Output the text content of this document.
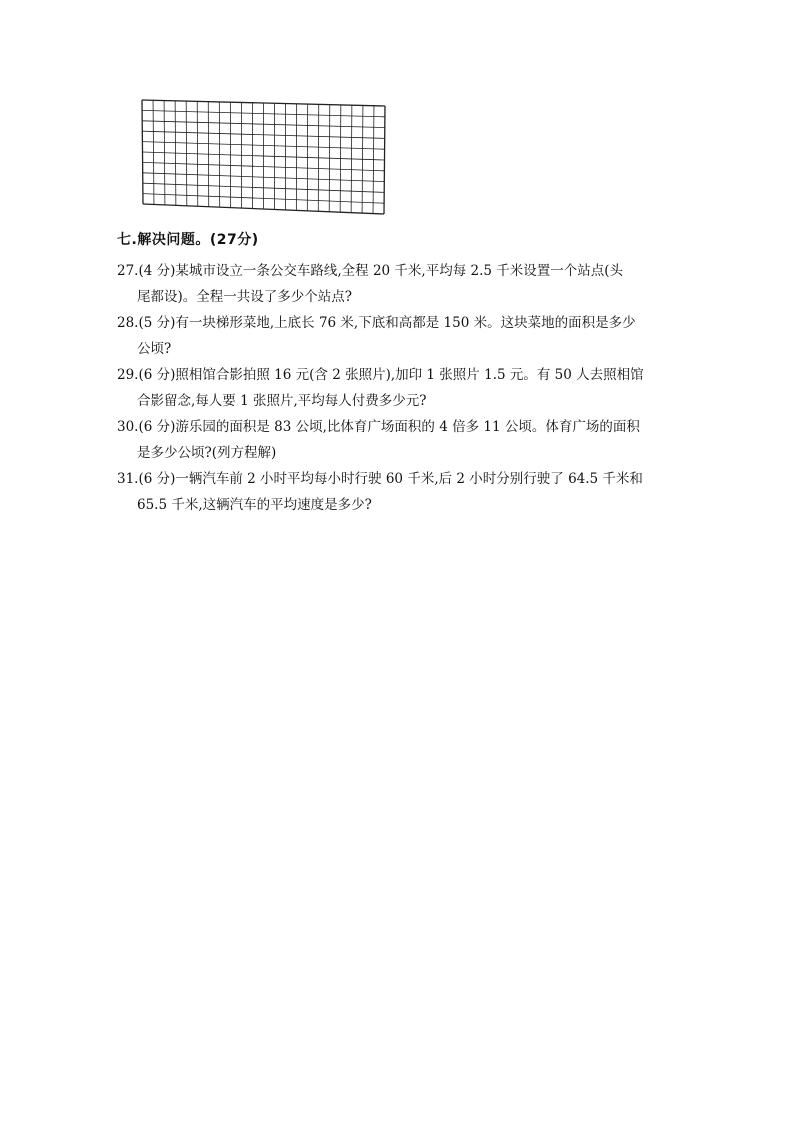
七.解决问题。(27分)
27.(4 分)某城市设立一条公交车路线,全程 20 千米,平均每 2.5 千米设置一个站点(头
尾都设)。全程一共设了多少个站点?
28.(5 分)有一块梯形菜地,上底长 76 米,下底和高都是 150 米。这块菜地的面积是多少
公顷?
29.(6 分)照相馆合影拍照 16 元(含 2 张照片),加印 1 张照片 1.5 元。有 50 人去照相馆
合影留念,每人要 1 张照片,平均每人付费多少元?
30.(6 分)游乐园的面积是 83 公顷,比体育广场面积的 4 倍多 11 公顷。体育广场的面积
是多少公顷?(列方程解)
31.(6 分)一辆汽车前 2 小时平均每小时行驶 60 千米,后 2 小时分别行驶了 64.5 千米和
65.5 千米,这辆汽车的平均速度是多少?
